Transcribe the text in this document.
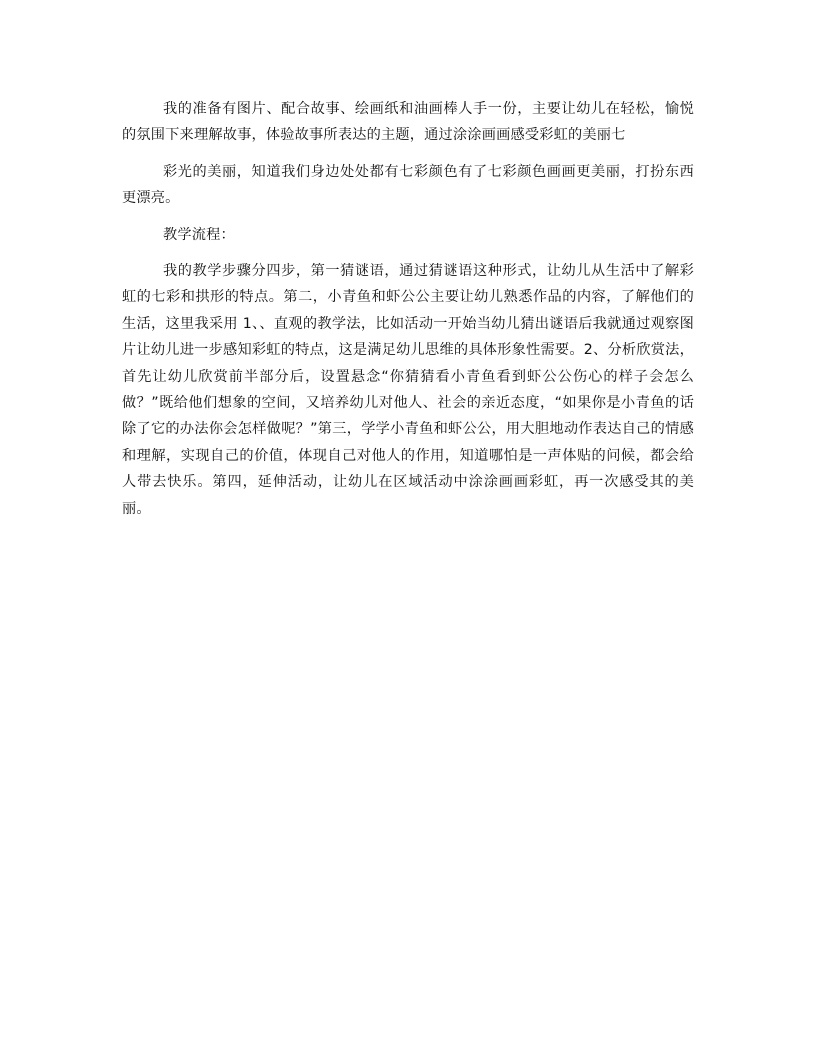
我的准备有图片、配合故事、绘画纸和油画棒人手一份，主要让幼儿在轻松，愉悦的氛围下来理解故事，体验故事所表达的主题，通过涂涂画画感受彩虹的美丽七

彩光的美丽，知道我们身边处处都有七彩颜色有了七彩颜色画画更美丽，打扮东西更漂亮。

教学流程：

我的教学步骤分四步，第一猜谜语，通过猜谜语这种形式，让幼儿从生活中了解彩虹的七彩和拱形的特点。第二，小青鱼和虾公公主要让幼儿熟悉作品的内容，了解他们的生活，这里我采用 1、、直观的教学法，比如活动一开始当幼儿猜出谜语后我就通过观察图片让幼儿进一步感知彩虹的特点，这是满足幼儿思维的具体形象性需要。2、分析欣赏法，首先让幼儿欣赏前半部分后，设置悬念“你猜猜看小青鱼看到虾公公伤心的样子会怎么做？”既给他们想象的空间，又培养幼儿对他人、社会的亲近态度，“如果你是小青鱼的话除了它的办法你会怎样做呢？”第三，学学小青鱼和虾公公，用大胆地动作表达自己的情感和理解，实现自己的价值，体现自己对他人的作用，知道哪怕是一声体贴的问候，都会给人带去快乐。第四，延伸活动，让幼儿在区域活动中涂涂画画彩虹，再一次感受其的美丽。
